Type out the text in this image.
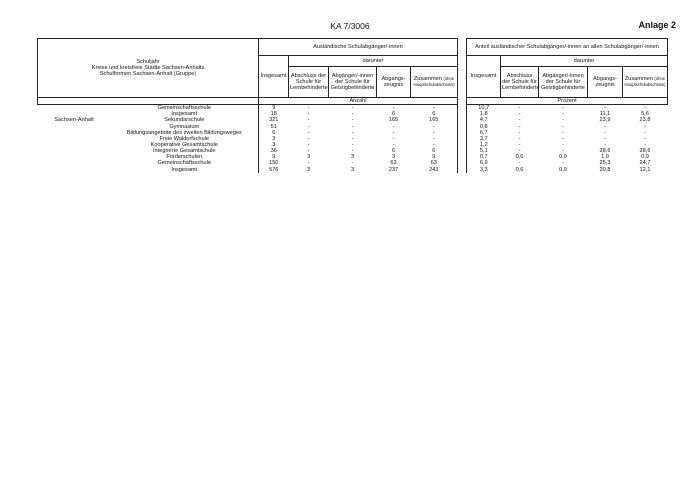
KA 7/3006	Anlage 2
Schuljahr
Kreise und kreisfreie Städte Sachsen-Anhalts
Schulformen Sachsen-Anhalt (Gruppe)		Ausländische Schulabgänger/-innen						Anteil ausländischer Schulabgänger/-innen an allen Schulabgänger/-innen				
		Insgesamt	darunter					Insgesamt	darunter			
			Abschluss der Schule für Lernbehinderte	Abgänger/-innen der Schule für Geistigbehinderte	Abgangs-zeugnis	Zusammen (ohne Hauptschulabschluss)			Abschluss der Schule für Lernbehinderte	Abgänger/-innen der Schule für Geistigbehinderte	Abgangs-zeugnis	Zusammen (ohne Hauptschulabschluss)
		Anzahl						Prozent				
	Gemeinschaftsschule	9	-	-	-	-		10,7	-	-	-	-
	Insgesamt	18	-	-	6	6		1,8	-	-	11,1	5,6
Sachsen-Anhalt	Sekundarschule	321	-	-	165	165		4,7	-	-	23,9	23,8
	Gymnasium	51	-	-	-	-		0,8	-	-	-	-
	Bildungsangebote des zweiten Bildungsweges	6	-	-	-	-		6,7	-	-	-	-
	Freie Waldorfschule	3	-	-	-	-		3,7	-	-	-	-
	Kooperative Gesamtschule	3	-	-	-	-		1,2	-	-	-	-
	Integrierte Gesamtschule	36	-	-	6	6		5,1	-	-	28,6	28,6
	Förderschulen	9	3	3	3	9		0,7	0,6	0,9	1,9	0,9
	Gemeinschaftsschule	150	-	-	63	63		6,9	-	-	25,3	24,7
	Insgesamt	576	3	3	237	243		3,3	0,6	0,9	20,8	12,1
